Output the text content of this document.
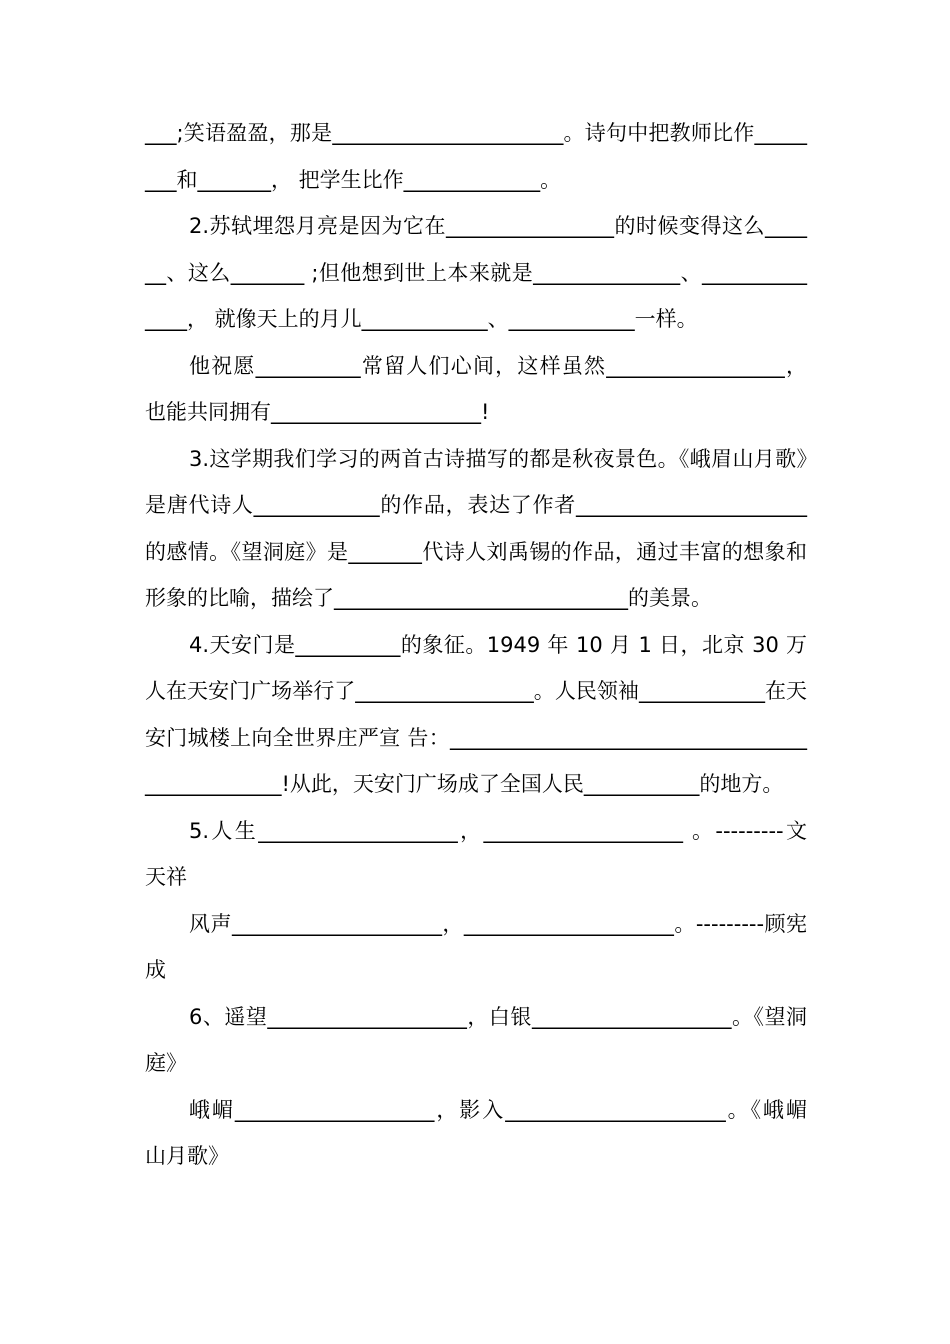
___;笑语盈盈，那是______________________。诗句中把教师比作________和_______， 把学生比作_____________。

2.苏轼埋怨月亮是因为它在________________的时候变得这么______、这么_______ ;但他想到世上本来就是______________、______________， 就像天上的月儿____________、____________一样。

他祝愿__________常留人们心间，这样虽然_________________，也能共同拥有____________________!

3.这学期我们学习的两首古诗描写的都是秋夜景色。《峨眉山月歌》是唐代诗人____________的作品，表达了作者______________________的感情。《望洞庭》是_______代诗人刘禹锡的作品，通过丰富的想象和形象的比喻，描绘了____________________________的美景。

4.天安门是__________的象征。1949 年 10 月 1 日，北京 30 万人在天安门广场举行了_________________。人民领袖____________在天安门城楼上向全世界庄严宣 告：_______________________________________________!从此，天安门广场成了全国人民___________的地方。

5.人生___________________，___________________ 。---------文天祥

风声____________________，____________________。---------顾宪成

6、遥望___________________，白银___________________。《望洞庭》

峨嵋___________________，影入_____________________。《峨嵋山月歌》
